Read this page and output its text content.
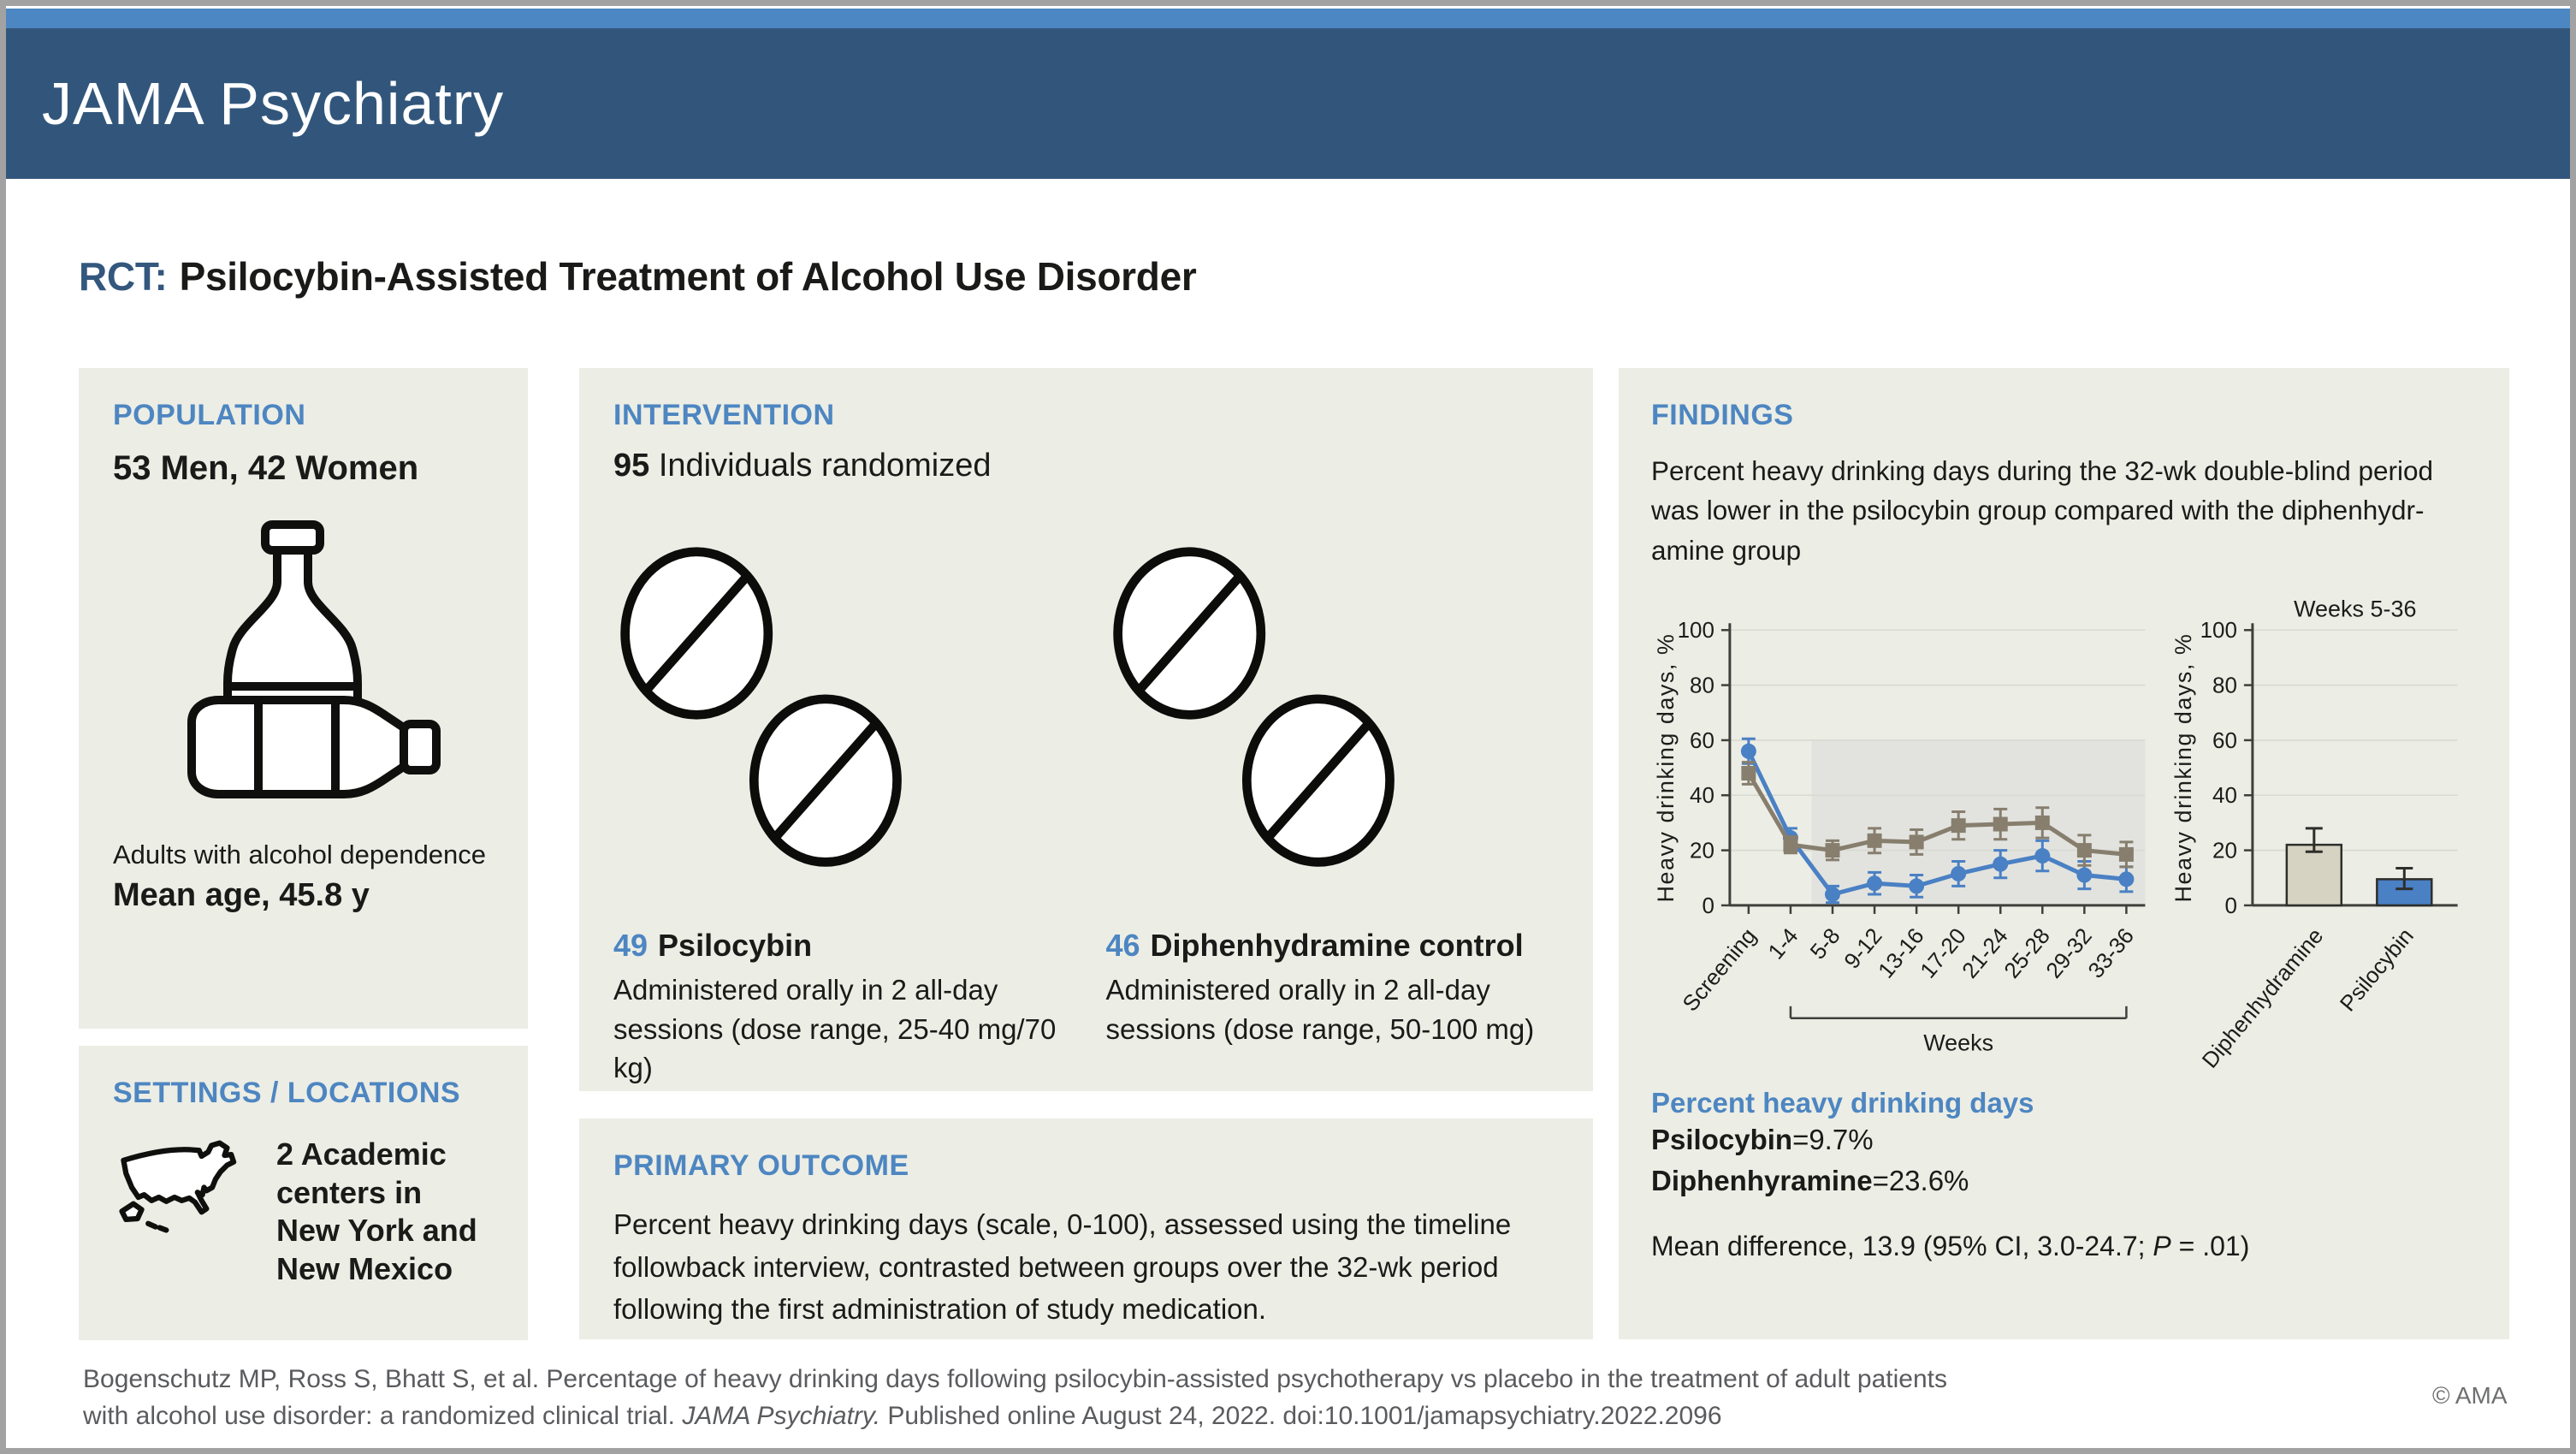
JAMA Psychiatry
RCT: Psilocybin-Assisted Treatment of Alcohol Use Disorder
POPULATION
53 Men, 42 Women
Adults with alcohol dependence
Mean age, 45.8 y
SETTINGS / LOCATIONS
2 Academic centers in New York and New Mexico
INTERVENTION
95 Individuals randomized
49 Psilocybin
Administered orally in 2 all-day sessions (dose range, 25-40 mg/70 kg)
46 Diphenhydramine control
Administered orally in 2 all-day sessions (dose range, 50-100 mg)
PRIMARY OUTCOME
Percent heavy drinking days (scale, 0-100), assessed using the timeline
followback interview, contrasted between groups over the 32-wk period
following the first administration of study medication.
FINDINGS
Percent heavy drinking days during the 32-wk double-blind period
was lower in the psilocybin group compared with the diphenhydr-
amine group
0
20
40
60
80
100
Heavy drinking days, %
Screening 1-4 5-8
9-12
13-16
17-20
21-24
25-28
29-32
33-36
Weeks
Weeks 5-36
0
20
40
60
80
100
Heavy drinking days, %
Diphenhydramine Psilocybin
Percent heavy drinking days
Psilocybin=9.7%
Diphenhyramine=23.6%
Mean difference, 13.9 (95% CI, 3.0-24.7; P = .01)
Bogenschutz MP, Ross S, Bhatt S, et al. Percentage of heavy drinking days following psilocybin-assisted psychotherapy vs placebo in the treatment of adult patients
with alcohol use disorder: a randomized clinical trial. JAMA Psychiatry. Published online August 24, 2022. doi:10.1001/jamapsychiatry.2022.2096
© AMA
